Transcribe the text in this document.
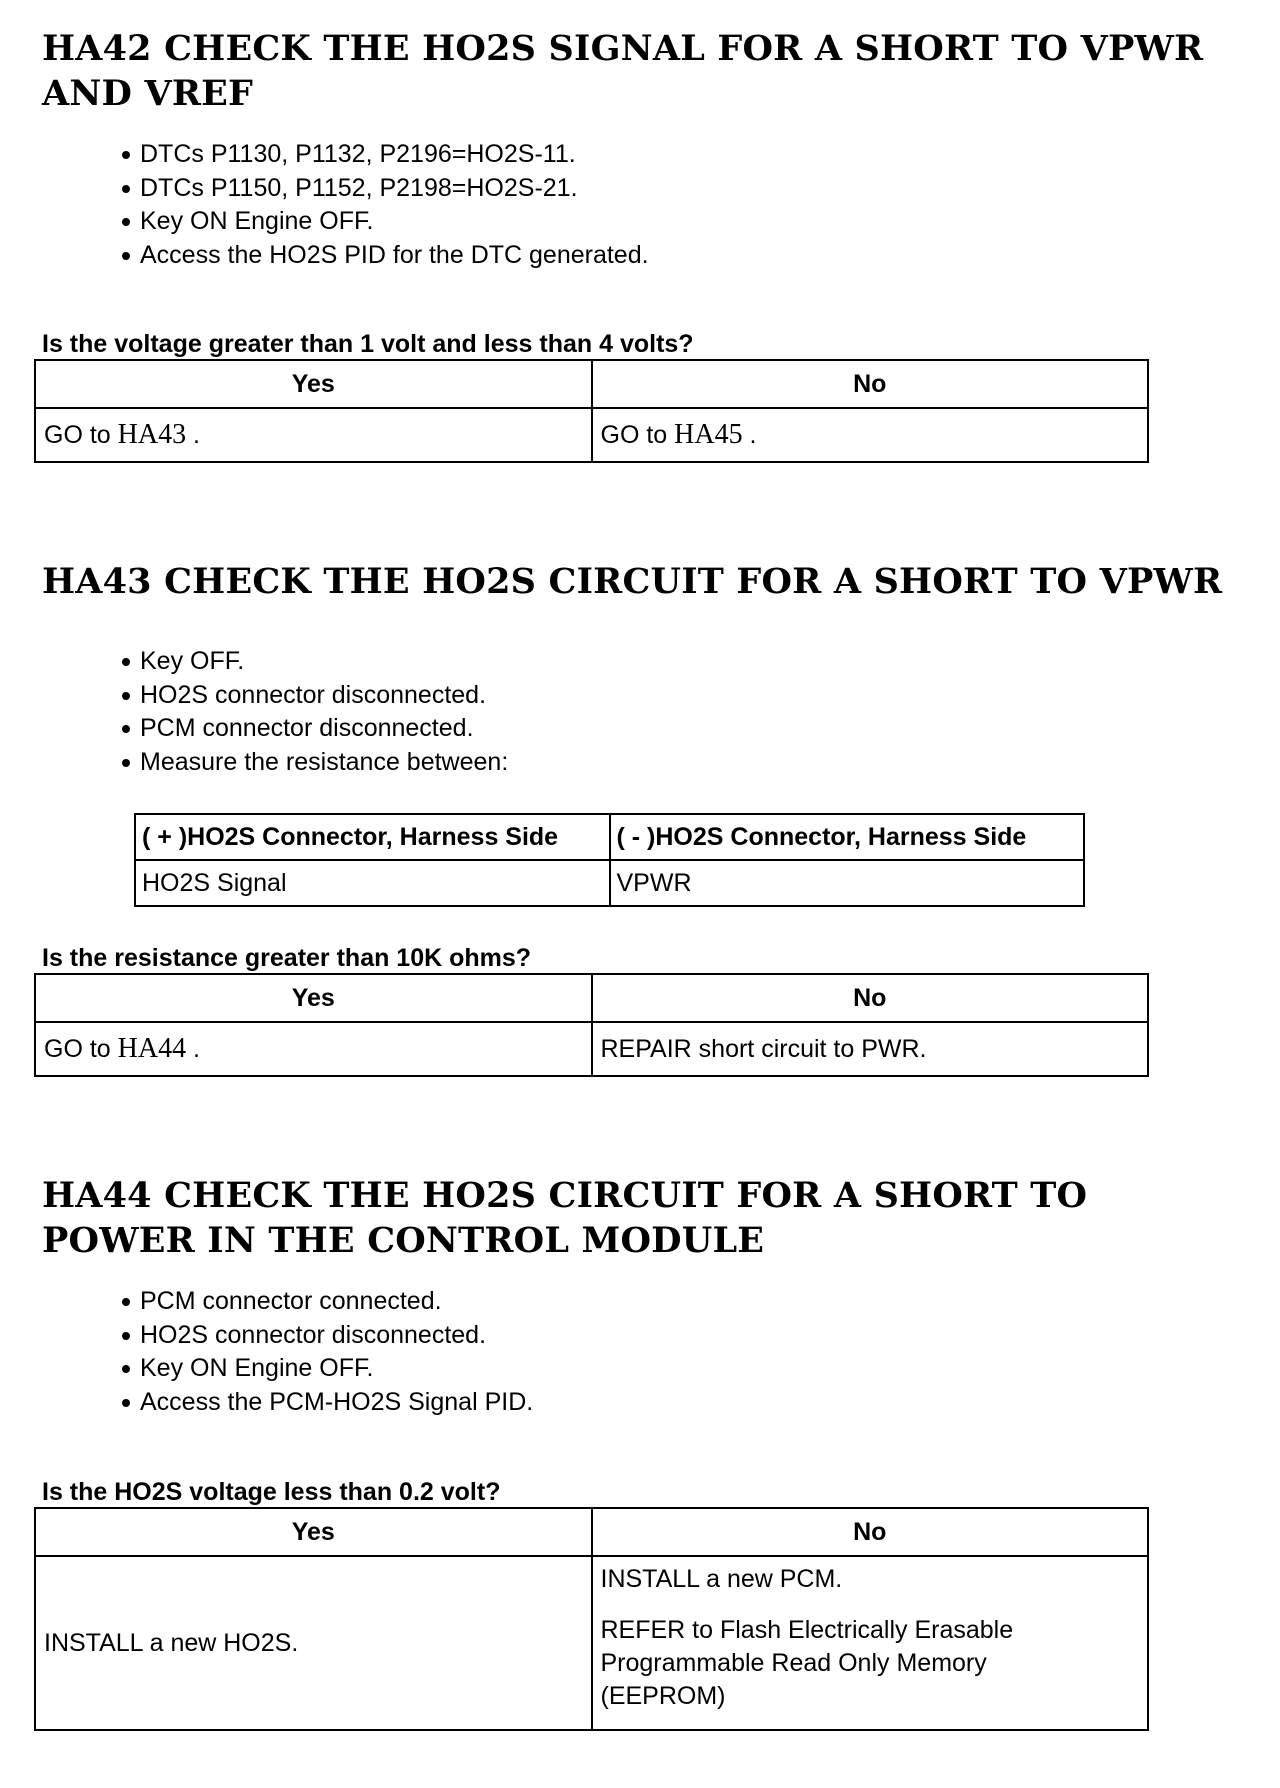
HA42 CHECK THE HO2S SIGNAL FOR A SHORT TO VPWR AND VREF
DTCs P1130, P1132, P2196=HO2S-11.
DTCs P1150, P1152, P2198=HO2S-21.
Key ON Engine OFF.
Access the HO2S PID for the DTC generated.
Is the voltage greater than 1 volt and less than 4 volts?
Yes	No
GO to HA43 .	GO to HA45 .
HA43 CHECK THE HO2S CIRCUIT FOR A SHORT TO VPWR
Key OFF.
HO2S connector disconnected.
PCM connector disconnected.
Measure the resistance between:
( + )HO2S Connector, Harness Side	( - )HO2S Connector, Harness Side
HO2S Signal	VPWR
Is the resistance greater than 10K ohms?
Yes	No
GO to HA44 .	REPAIR short circuit to PWR.
HA44 CHECK THE HO2S CIRCUIT FOR A SHORT TO POWER IN THE CONTROL MODULE
PCM connector connected.
HO2S connector disconnected.
Key ON Engine OFF.
Access the PCM-HO2S Signal PID.
Is the HO2S voltage less than 0.2 volt?
Yes	No
INSTALL a new HO2S.	INSTALL a new PCM.
REFER to Flash Electrically Erasable
Programmable Read Only Memory
(EEPROM)
